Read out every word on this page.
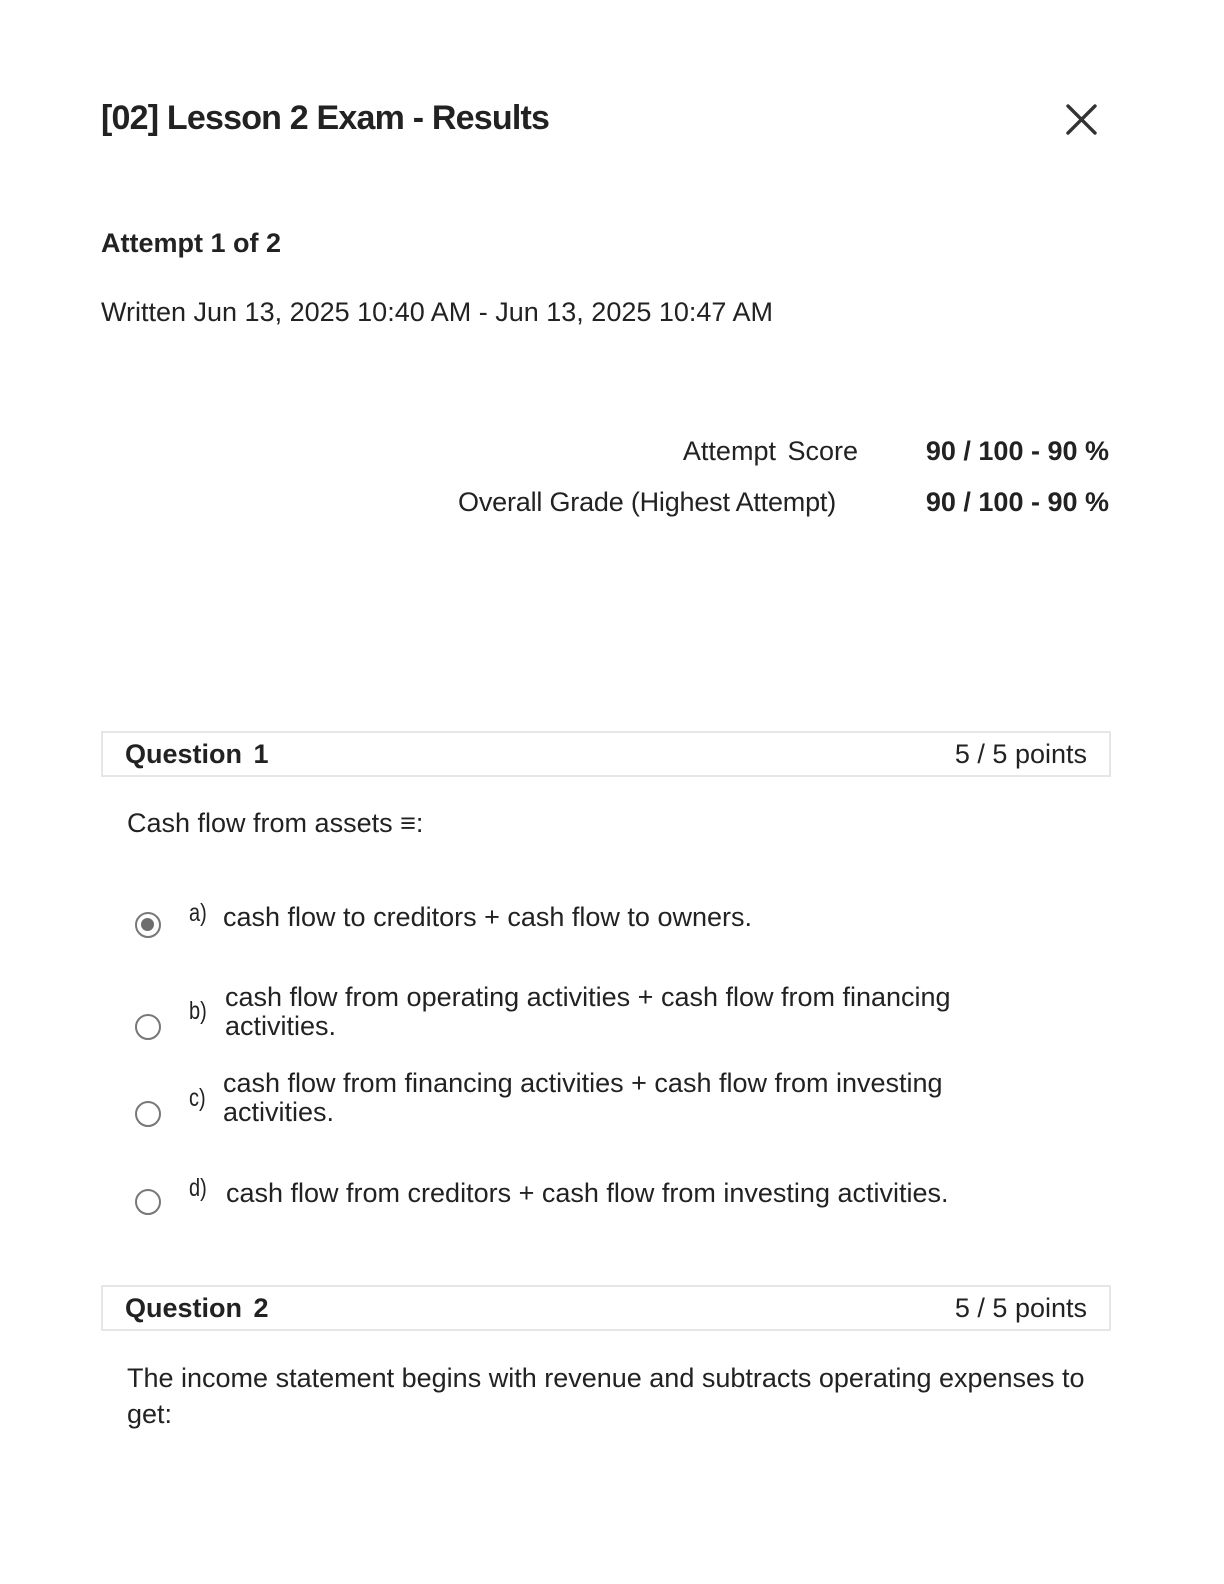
[02] Lesson 2 Exam - Results
Attempt 1 of 2
Written Jun 13, 2025 10:40 AM - Jun 13, 2025 10:47 AM
Attempt Score	90 / 100 - 90 %
Overall Grade (Highest Attempt)	90 / 100 - 90 %
Question 1	5 / 5 points
Cash flow from assets ≡:
a) cash flow to creditors + cash flow to owners.
b) cash flow from operating activities + cash flow from financing activities.
c) cash flow from financing activities + cash flow from investing activities.
d) cash flow from creditors + cash flow from investing activities.
Question 2	5 / 5 points
The income statement begins with revenue and subtracts operating expenses to get:
